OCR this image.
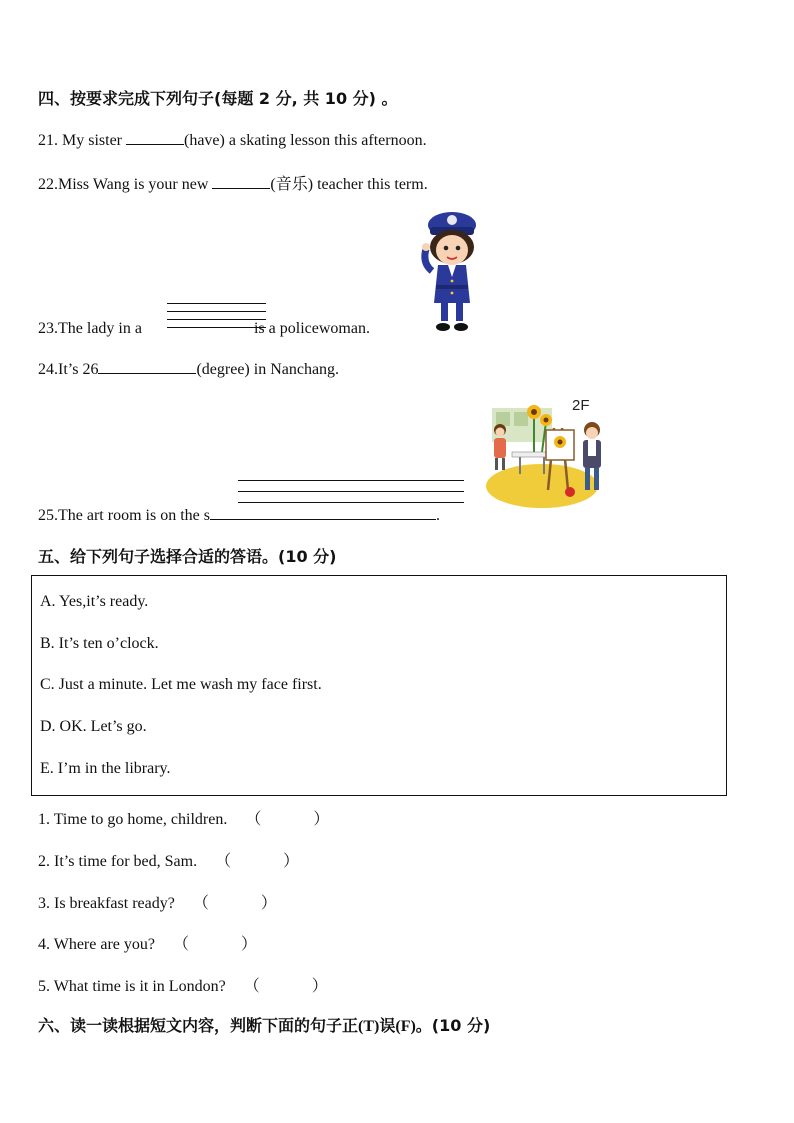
四、按要求完成下列句子(每题 2 分, 共 10 分) 。
21. My sister	(have) a skating lesson this afternoon.
22.Miss Wang is your new	(音乐) teacher this term.
23.The lady in a	is a policewoman.
24.It’s 26	(degree) in Nanchang.
2F
25.The art room is on the s	.
五、给下列句子选择合适的答语。(10 分)
A. Yes,it’s ready.
B. It’s ten o’clock.
C. Just a minute. Let me wash my face first.
D. OK. Let’s go.
E. I’m in the library.
1. Time to go home, children. （	）
2. It’s time for bed, Sam. （	）
3. Is breakfast ready? （	）
4. Where are you? （	）
5. What time is it in London? （	）
六、读一读根据短文内容，判断下面的句子正(T)误(F)。(10 分)
